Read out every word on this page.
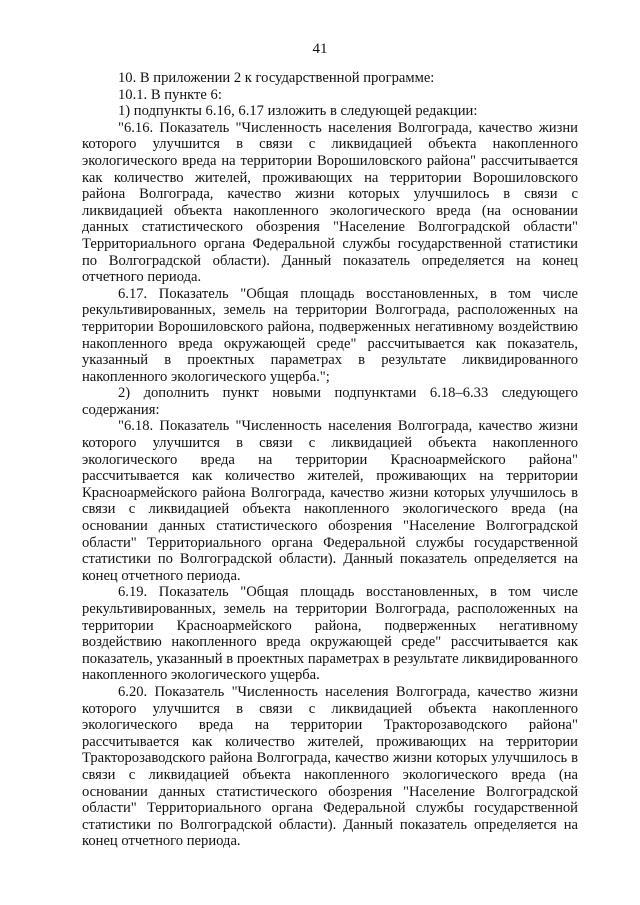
41

10. В приложении 2 к государственной программе:

10.1. В пункте 6:

1) подпункты 6.16, 6.17 изложить в следующей редакции:

"6.16. Показатель "Численность населения Волгограда, качество жизни которого улучшится в связи с ликвидацией объекта накопленного экологического вреда на территории Ворошиловского района" рассчитывается как количество жителей, проживающих на территории Ворошиловского района Волгограда, качество жизни которых улучшилось в связи с ликвидацией объекта накопленного экологического вреда (на основании данных статистического обозрения "Население Волгоградской области" Территориального органа Федеральной службы государственной статистики по Волгоградской области). Данный показатель определяется на конец отчетного периода.

6.17. Показатель "Общая площадь восстановленных, в том числе рекультивированных, земель на территории Волгограда, расположенных на территории Ворошиловского района, подверженных негативному воздействию накопленного вреда окружающей среде" рассчитывается как показатель, указанный в проектных параметрах в результате ликвидированного накопленного экологического ущерба.";

2) дополнить пункт новыми подпунктами 6.18–6.33 следующего содержания:

"6.18. Показатель "Численность населения Волгограда, качество жизни которого улучшится в связи с ликвидацией объекта накопленного экологического вреда на территории Красноармейского района" рассчитывается как количество жителей, проживающих на территории Красноармейского района Волгограда, качество жизни которых улучшилось в связи с ликвидацией объекта накопленного экологического вреда (на основании данных статистического обозрения "Население Волгоградской области" Территориального органа Федеральной службы государственной статистики по Волгоградской области). Данный показатель определяется на конец отчетного периода.

6.19. Показатель "Общая площадь восстановленных, в том числе рекультивированных, земель на территории Волгограда, расположенных на территории Красноармейского района, подверженных негативному воздействию накопленного вреда окружающей среде" рассчитывается как показатель, указанный в проектных параметрах в результате ликвидированного накопленного экологического ущерба.

6.20. Показатель "Численность населения Волгограда, качество жизни которого улучшится в связи с ликвидацией объекта накопленного экологического вреда на территории Тракторозаводского района" рассчитывается как количество жителей, проживающих на территории Тракторозаводского района Волгограда, качество жизни которых улучшилось в связи с ликвидацией объекта накопленного экологического вреда (на основании данных статистического обозрения "Население Волгоградской области" Территориального органа Федеральной службы государственной статистики по Волгоградской области). Данный показатель определяется на конец отчетного периода.
